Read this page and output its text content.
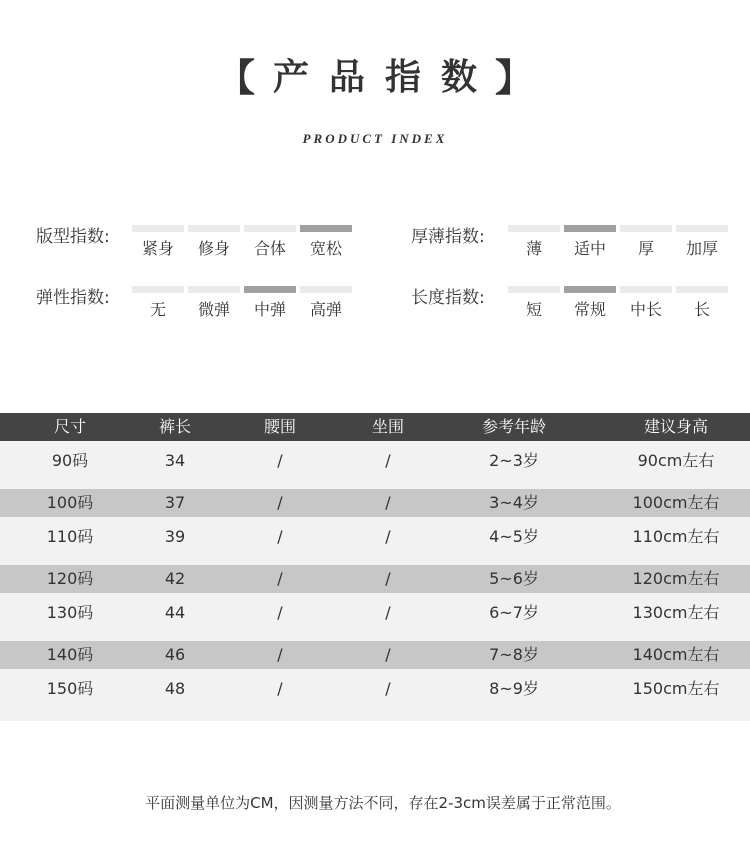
【 产品指数
】
PRODUCT INDEX
版型指数:
紧身	修身	合体	宽松
厚薄指数:
薄	适中	厚	加厚
弹性指数:
无	微弹	中弹	高弹
长度指数:
短	常规	中长	长
尺寸	裤长	腰围	坐围	参考年龄	建议身高
90码	34	/	/	2~3岁	90cm左右
100码	37	/	/	3~4岁	100cm左右
110码	39	/	/	4~5岁	110cm左右
120码	42	/	/	5~6岁	120cm左右
130码	44	/	/	6~7岁	130cm左右
140码	46	/	/	7~8岁	140cm左右
150码	48	/	/	8~9岁	150cm左右
平面测量单位为CM，因测量方法不同，存在2-3cm误差属于正常范围。
